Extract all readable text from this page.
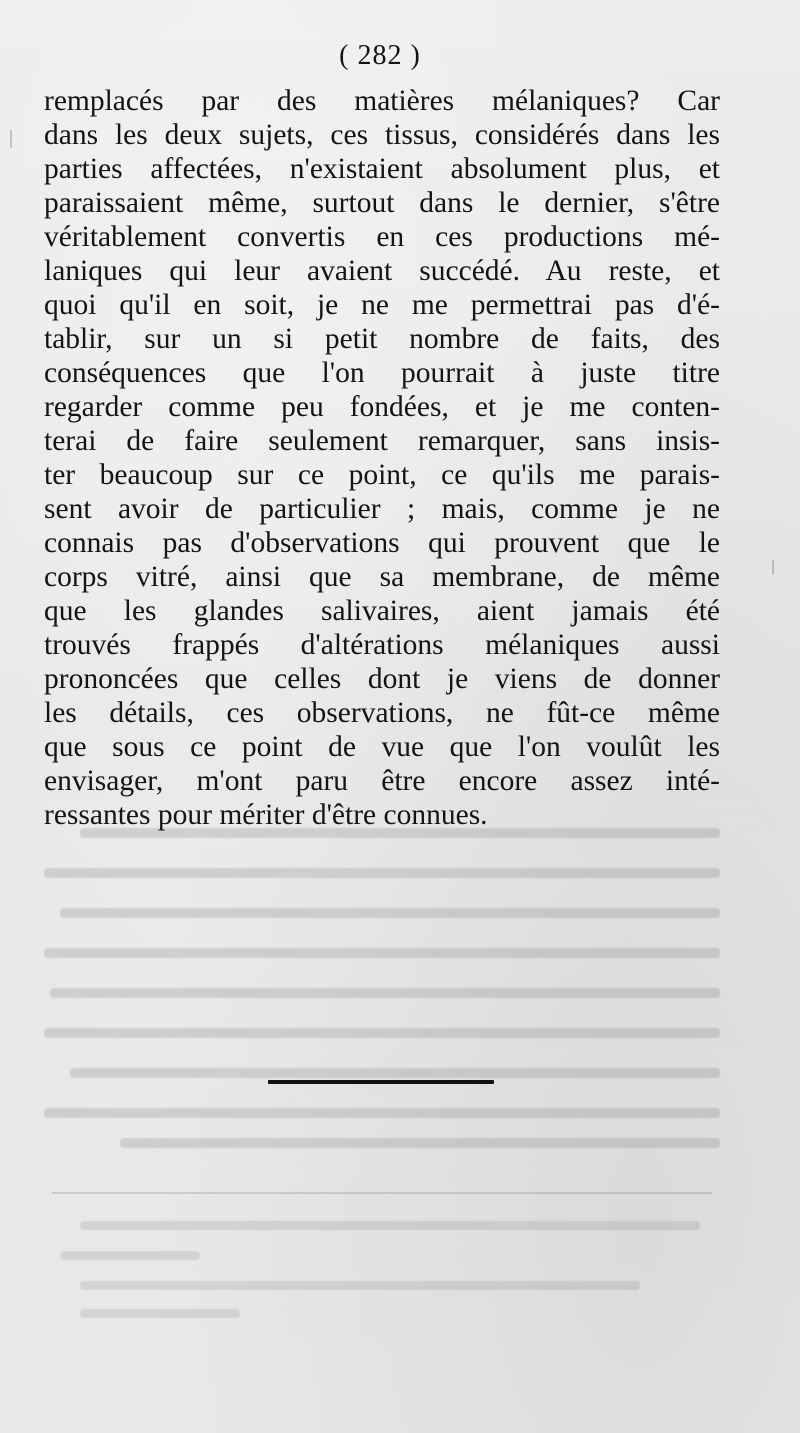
( 282 )
remplacés par des matières mélaniques? Car
dans les deux sujets, ces tissus, considérés dans les
parties affectées, n'existaient absolument plus, et
paraissaient même, surtout dans le dernier, s'être
véritablement convertis en ces productions mé-
laniques qui leur avaient succédé. Au reste, et
quoi qu'il en soit, je ne me permettrai pas d'é-
tablir, sur un si petit nombre de faits, des
conséquences que l'on pourrait à juste titre
regarder comme peu fondées, et je me conten-
terai de faire seulement remarquer, sans insis-
ter beaucoup sur ce point, ce qu'ils me parais-
sent avoir de particulier ; mais, comme je ne
connais pas d'observations qui prouvent que le
corps vitré, ainsi que sa membrane, de même
que les glandes salivaires, aient jamais été
trouvés frappés d'altérations mélaniques aussi
prononcées que celles dont je viens de donner
les détails, ces observations, ne fût-ce même
que sous ce point de vue que l'on voulût les
envisager, m'ont paru être encore assez inté-
ressantes pour mériter d'être connues.
